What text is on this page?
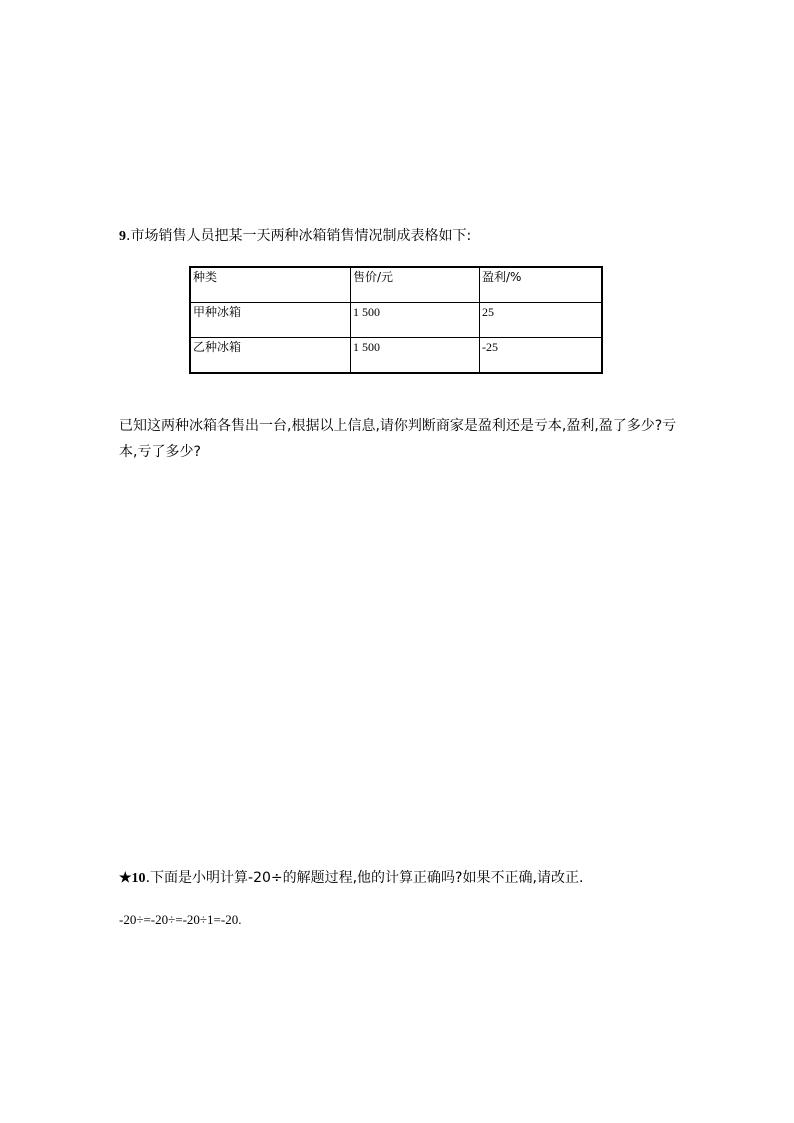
9.市场销售人员把某一天两种冰箱销售情况制成表格如下:
种类	售价/元	盈利/%
甲种冰箱	1 500	25
乙种冰箱	1 500	-25
已知这两种冰箱各售出一台,根据以上信息,请你判断商家是盈利还是亏本,盈利,盈了多少?亏本,亏了多少?
★10.下面是小明计算-20÷的解题过程,他的计算正确吗?如果不正确,请改正.
-20÷=-20÷=-20÷1=-20.
